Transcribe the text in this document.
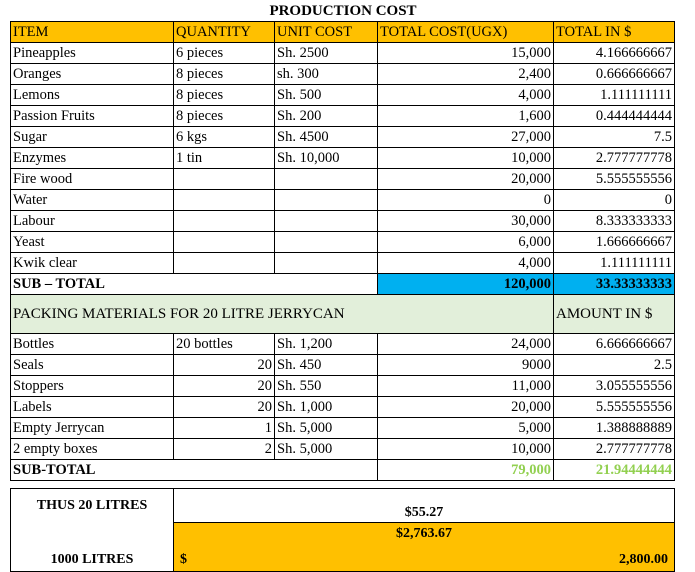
PRODUCTION COST
ITEM	QUANTITY	UNIT COST	TOTAL COST(UGX)	TOTAL IN $
Pineapples	6 pieces	Sh. 2500	15,000	4.166666667
Oranges	8 pieces	sh. 300	2,400	0.666666667
Lemons	8 pieces	Sh. 500	4,000	1.111111111
Passion Fruits	8 pieces	Sh. 200	1,600	0.444444444
Sugar	6 kgs	Sh. 4500	27,000	7.5
Enzymes	1 tin	Sh. 10,000	10,000	2.777777778
Fire wood			20,000	5.555555556
Water			0	0
Labour			30,000	8.333333333
Yeast			6,000	1.666666667
Kwik clear			4,000	1.111111111
SUB – TOTAL			120,000	33.33333333
PACKING MATERIALS FOR 20 LITRE JERRYCAN				AMOUNT IN $
Bottles	20 bottles	Sh. 1,200	24,000	6.666666667
Seals	20	Sh. 450	9000	2.5
Stoppers	20	Sh. 550	11,000	3.055555556
Labels	20	Sh. 1,000	20,000	5.555555556
Empty Jerrycan	1	Sh. 5,000	5,000	1.388888889
2 empty boxes	2	Sh. 5,000	10,000	2.777777778
SUB-TOTAL			79,000	21.94444444
THUS 20 LITRES	$55.27
1000 LITRES	$2,763.67
$ 2,800.00
